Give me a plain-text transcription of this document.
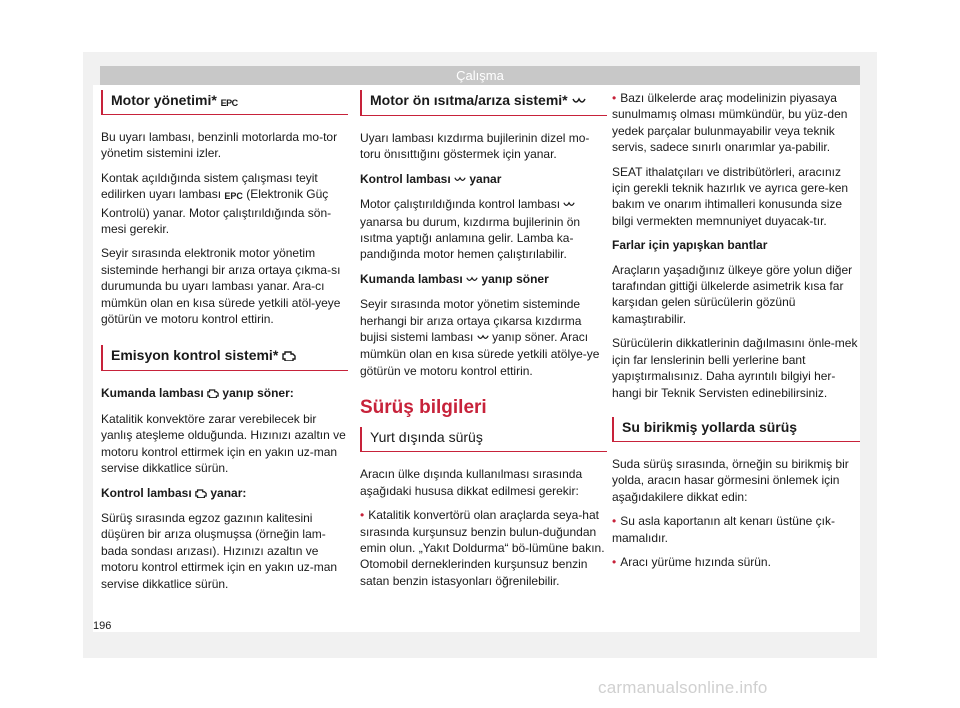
Çalışma
Motor yönetimi* EPC

Bu uyarı lambası, benzinli motorlarda mo-tor yönetim sistemini izler.

Kontak açıldığında sistem çalışması teyit edilirken uyarı lambası EPC (Elektronik Güç Kontrolü) yanar. Motor çalıştırıldığında sön-mesi gerekir.

Seyir sırasında elektronik motor yönetim sisteminde herhangi bir arıza ortaya çıkma-sı durumunda bu uyarı lambası yanar. Ara-cı mümkün olan en kısa sürede yetkili atöl-yeye götürün ve motoru kontrol ettirin.

Emisyon kontrol sistemi*

Kumanda lambası yanıp söner:

Katalitik konvektöre zarar verebilecek bir yanlış ateşleme olduğunda. Hızınızı azaltın ve motoru kontrol ettirmek için en yakın uz-man servise dikkatlice sürün.

Kontrol lambası yanar:

Sürüş sırasında egzoz gazının kalitesini düşüren bir arıza oluşmuşsa (örneğin lam-bada sondası arızası). Hızınızı azaltın ve motoru kontrol ettirmek için en yakın uz-man servise dikkatlice sürün.

Motor ön ısıtma/arıza sistemi*

Uyarı lambası kızdırma bujilerinin dizel mo-toru önısıttığını göstermek için yanar.

Kontrol lambası yanar

Motor çalıştırıldığında kontrol lambası  yanarsa bu durum, kızdırma bujilerinin ön ısıtma yaptığı anlamına gelir. Lamba ka-pandığında motor hemen çalıştırılabilir.

Kumanda lambası yanıp söner

Seyir sırasında motor yönetim sisteminde herhangi bir arıza ortaya çıkarsa kızdırma bujisi sistemi lambası yanıp söner. Aracı mümkün olan en kısa sürede yetkili atölye-ye götürün ve motoru kontrol ettirin.

Sürüş bilgileri
Yurt dışında sürüş

Aracın ülke dışında kullanılması sırasında aşağıdaki hususa dikkat edilmesi gerekir:

• Katalitik konvertörü olan araçlarda seya-hat sırasında kurşunsuz benzin bulun-duğundan emin olun. „Yakıt Doldurma“ bö-lümüne bakın. Otomobil derneklerinden kurşunsuz benzin satan benzin istasyonları öğrenilebilir.

• Bazı ülkelerde araç modelinizin piyasaya sunulmamış olması mümkündür, bu yüz-den yedek parçalar bulunmayabilir veya teknik servis, sadece sınırlı onarımlar ya-pabilir.

SEAT ithalatçıları ve distribütörleri, aracınız için gerekli teknik hazırlık ve ayrıca gere-ken bakım ve onarım ihtimalleri konusunda size bilgi vermekten memnuniyet duyacak-tır.

Farlar için yapışkan bantlar

Araçların yaşadığınız ülkeye göre yolun diğer tarafından gittiği ülkelerde asimetrik kısa far karşıdan gelen sürücülerin gözünü kamaştırabilir.

Sürücülerin dikkatlerinin dağılmasını önle-mek için far lenslerinin belli yerlerine bant yapıştırmalısınız. Daha ayrıntılı bilgiyi her-hangi bir Teknik Servisten edinebilirsiniz.

Su birikmiş yollarda sürüş

Suda sürüş sırasında, örneğin su birikmiş bir yolda, aracın hasar görmesini önlemek için aşağıdakilere dikkat edin:

• Su asla kaportanın alt kenarı üstüne çık-mamalıdır.

• Aracı yürüme hızında sürün.

196
carmanualsonline.info
